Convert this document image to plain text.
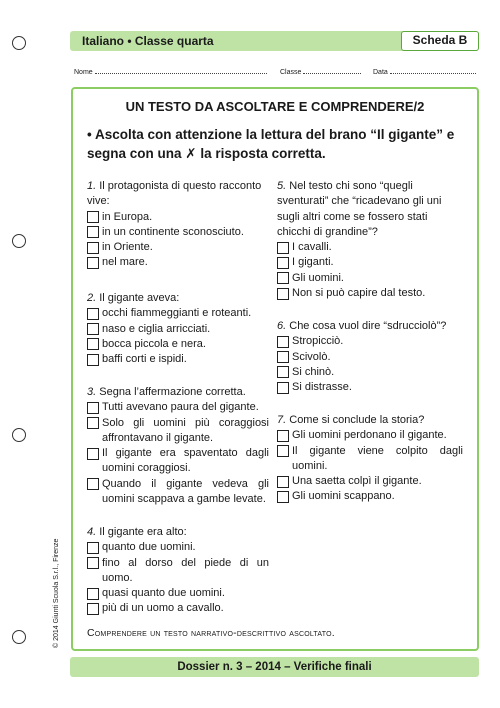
Italiano • Classe quarta	Scheda B
Nome	Classe	Data
UN TESTO DA ASCOLTARE E COMPRENDERE/2
• Ascolta con attenzione la lettura del brano “Il gigante” e segna con una ✗ la risposta corretta.
1. Il protagonista di questo racconto vive:
in Europa.
in un continente sconosciuto.
in Oriente.
nel mare.
2. Il gigante aveva:
occhi fiammeggianti e roteanti.
naso e ciglia arricciati.
bocca piccola e nera.
baffi corti e ispidi.
3. Segna l’affermazione corretta.
Tutti avevano paura del gigante.
Solo gli uomini più coraggiosi affrontavano il gigante.
Il gigante era spaventato dagli uomini coraggiosi.
Quando il gigante vedeva gli uomini scappava a gambe levate.
4. Il gigante era alto:
quanto due uomini.
fino al dorso del piede di un uomo.
quasi quanto due uomini.
più di un uomo a cavallo.
5. Nel testo chi sono “quegli sventurati” che “ricadevano gli uni sugli altri come se fossero stati chicchi di grandine”?
I cavalli.
I giganti.
Gli uomini.
Non si può capire dal testo.
6. Che cosa vuol dire “sdrucciolò”?
Stropicciò.
Scivolò.
Si chinò.
Si distrasse.
7. Come si conclude la storia?
Gli uomini perdonano il gigante.
Il gigante viene colpito dagli uomini.
Una saetta colpì il gigante.
Gli uomini scappano.
Comprendere un testo narrativo-descrittivo ascoltato.
Dossier n. 3 – 2014 – Verifiche finali
© 2014 Giunti Scuola S.r.l., Firenze
